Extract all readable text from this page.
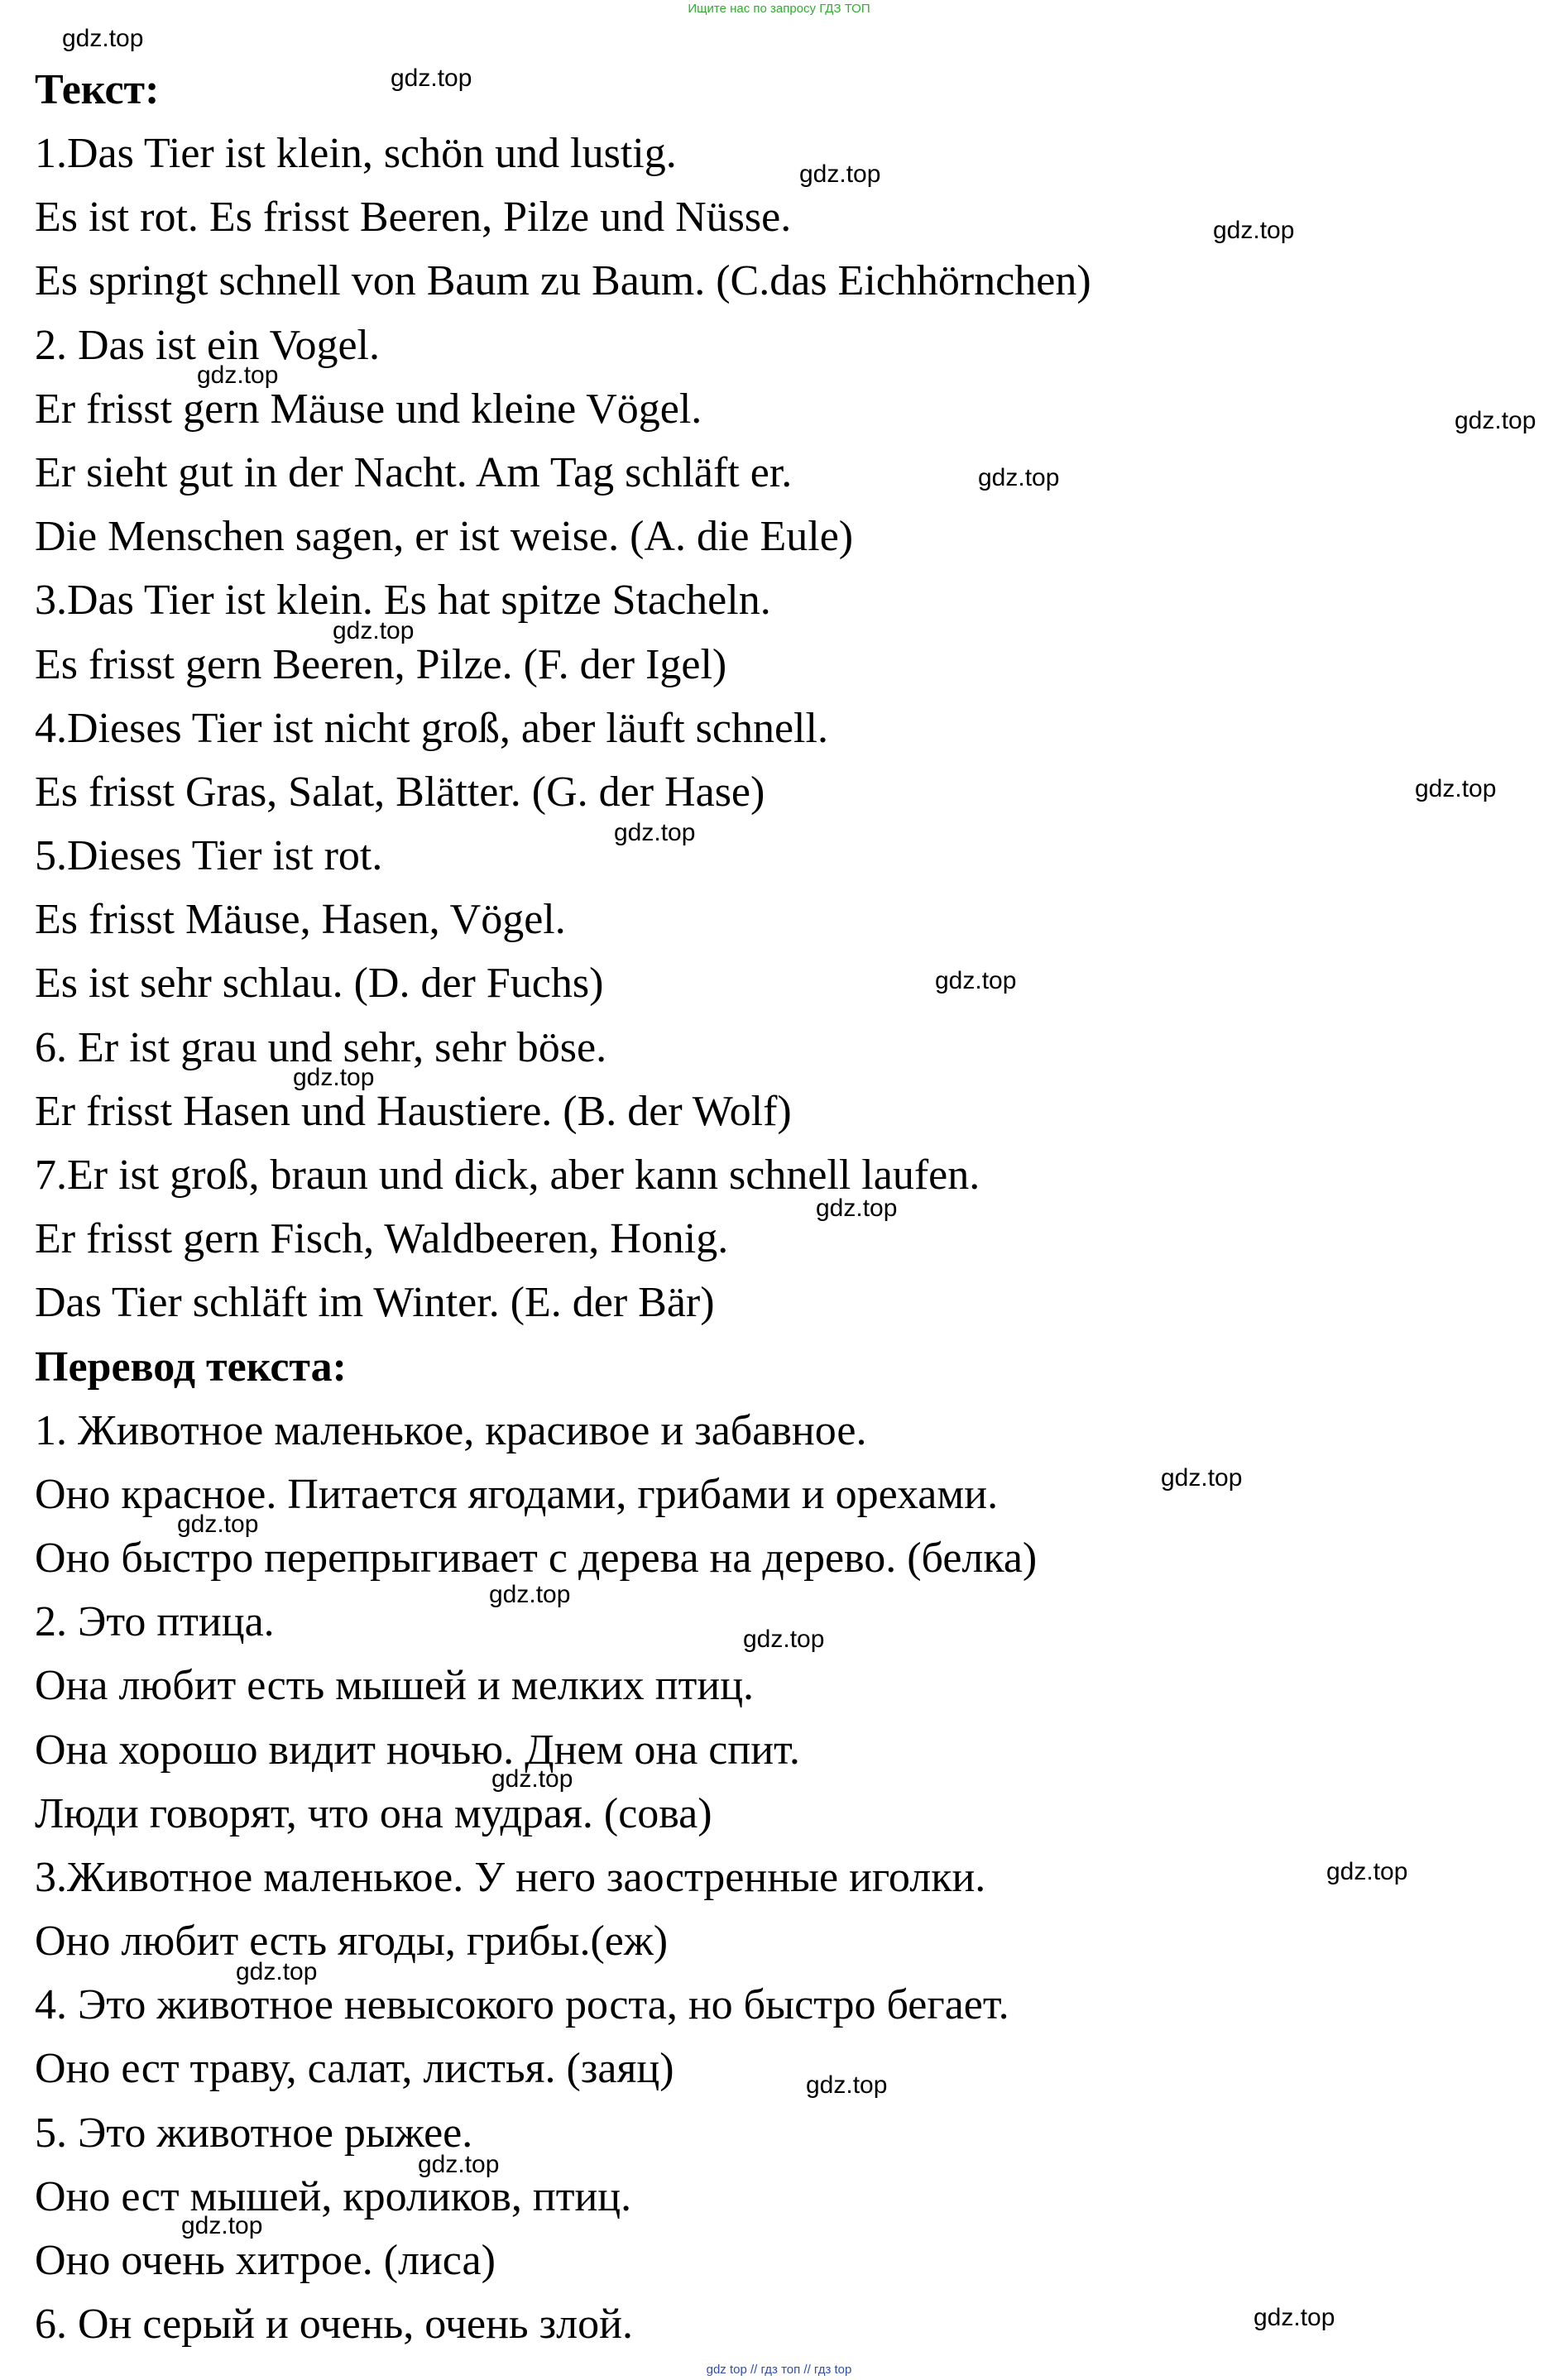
Ищите нас по запросу ГДЗ ТОП
Текст:
1.Das Tier ist klein, schön und lustig.
Es ist rot. Es frisst Beeren, Pilze und Nüsse.
Es springt schnell von Baum zu Baum. (C.das Eichhörnchen)
2. Das ist ein Vogel.
Er frisst gern Mäuse und kleine Vögel.
Er sieht gut in der Nacht. Am Tag schläft er.
Die Menschen sagen, er ist weise. (A. die Eule)
3.Das Tier ist klein. Es hat spitze Stacheln.
Es frisst gern Beeren, Pilze. (F. der Igel)
4.Dieses Tier ist nicht groß, aber läuft schnell.
Es frisst Gras, Salat, Blätter. (G. der Hase)
5.Dieses Tier ist rot.
Es frisst Mäuse, Hasen, Vögel.
Es ist sehr schlau. (D. der Fuchs)
6. Er ist grau und sehr, sehr böse.
Er frisst Hasen und Haustiere. (B. der Wolf)
7.Er ist groß, braun und dick, aber kann schnell laufen.
Er frisst gern Fisch, Waldbeeren, Honig.
Das Tier schläft im Winter. (E. der Bär)
Перевод текста:
1. Животное маленькое, красивое и забавное.
Оно красное. Питается ягодами, грибами и орехами.
Оно быстро перепрыгивает с дерева на дерево. (белка)
2. Это птица.
Она любит есть мышей и мелких птиц.
Она хорошо видит ночью. Днем она спит.
Люди говорят, что она мудрая. (сова)
3.Животное маленькое. У него заостренные иголки.
Оно любит есть ягоды, грибы.(еж)
4. Это животное невысокого роста, но быстро бегает.
Оно ест траву, салат, листья. (заяц)
5. Это животное рыжее.
Оно ест мышей, кроликов, птиц.
Оно очень хитрое. (лиса)
6. Он серый и очень, очень злой.
gdz.top
gdz.top
gdz.top
gdz.top
gdz.top
gdz.top
gdz.top
gdz.top
gdz.top
gdz.top
gdz.top
gdz.top
gdz.top
gdz.top
gdz.top
gdz.top
gdz.top
gdz.top
gdz.top
gdz.top
gdz.top
gdz.top
gdz.top
gdz.top
gdz top // гдз топ // гдз top
